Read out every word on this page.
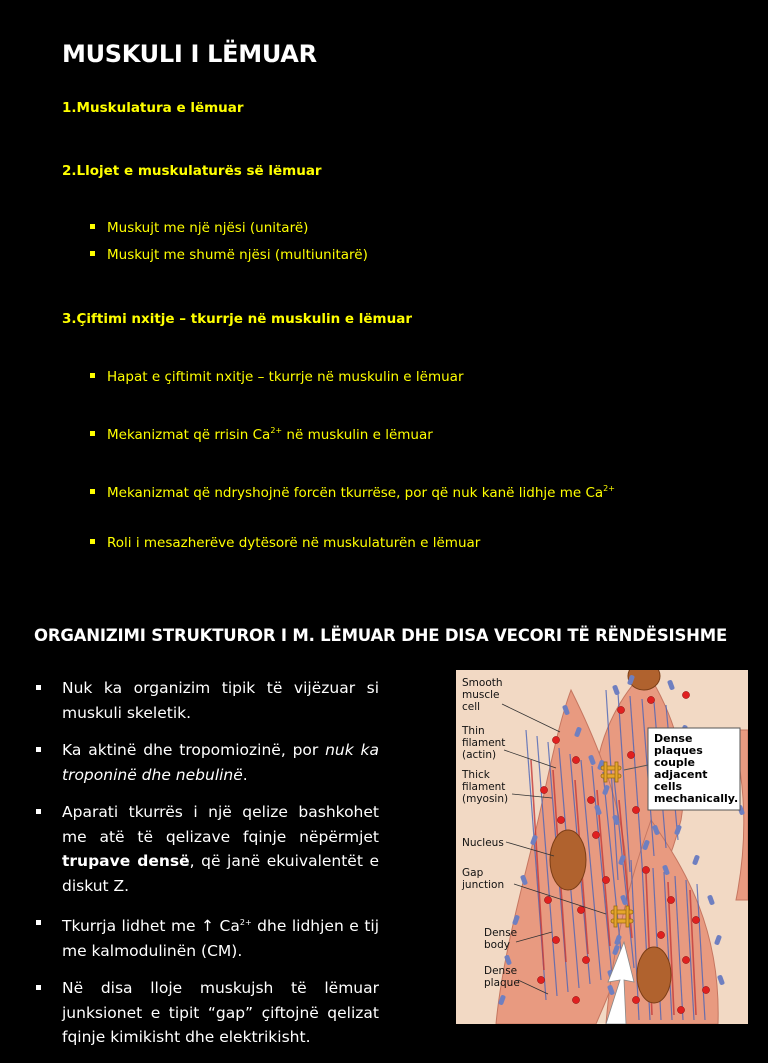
MUSKULI I LËMUAR
1.Muskulatura e lëmuar
2.Llojet e muskulaturës së lëmuar
Muskujt me një njësi (unitarë)
Muskujt me shumë njësi (multiunitarë)
3.Çiftimi nxitje – tkurrje në muskulin e lëmuar
Hapat e çiftimit nxitje – tkurrje në muskulin e lëmuar
Mekanizmat që rrisin $Ca^{2+}$ në muskulin e lëmuar
Mekanizmat që ndryshojnë forcën tkurrëse, por që nuk kanë lidhje me $Ca^{2+}$
Roli i mesazherëve dytësorë në muskulaturën e lëmuar
ORGANIZIMI STRUKTUROR I M. LËMUAR DHE DISA VECORI TË RËNDËSISHME
Nuk ka organizim tipik të vijëzuar si muskuli skeletik.
Ka aktinë dhe tropomiozinë, por nuk ka troponinë dhe nebulinë.
Aparati tkurrës i një qelize bashkohet me atë të qelizave fqinje nëpërmjet trupave densë, që janë ekuivalentët e diskut Z.
Tkurrja lidhet me ↑ $Ca^{2+}$ dhe lidhjen e tij me kalmodulinën (CM).
Në disa lloje muskujsh të lëmuar junksionet e tipit “gap” çiftojnë qelizat fqinje kimikisht dhe elektrikisht.
Dense
plaques
couple
adjacent
cells
mechanically.
Smooth
muscle
cell
Thin
filament
(actin)
Thick
filament
(myosin)
Nucleus
Gap
junction
Dense
body
Dense
plaque
